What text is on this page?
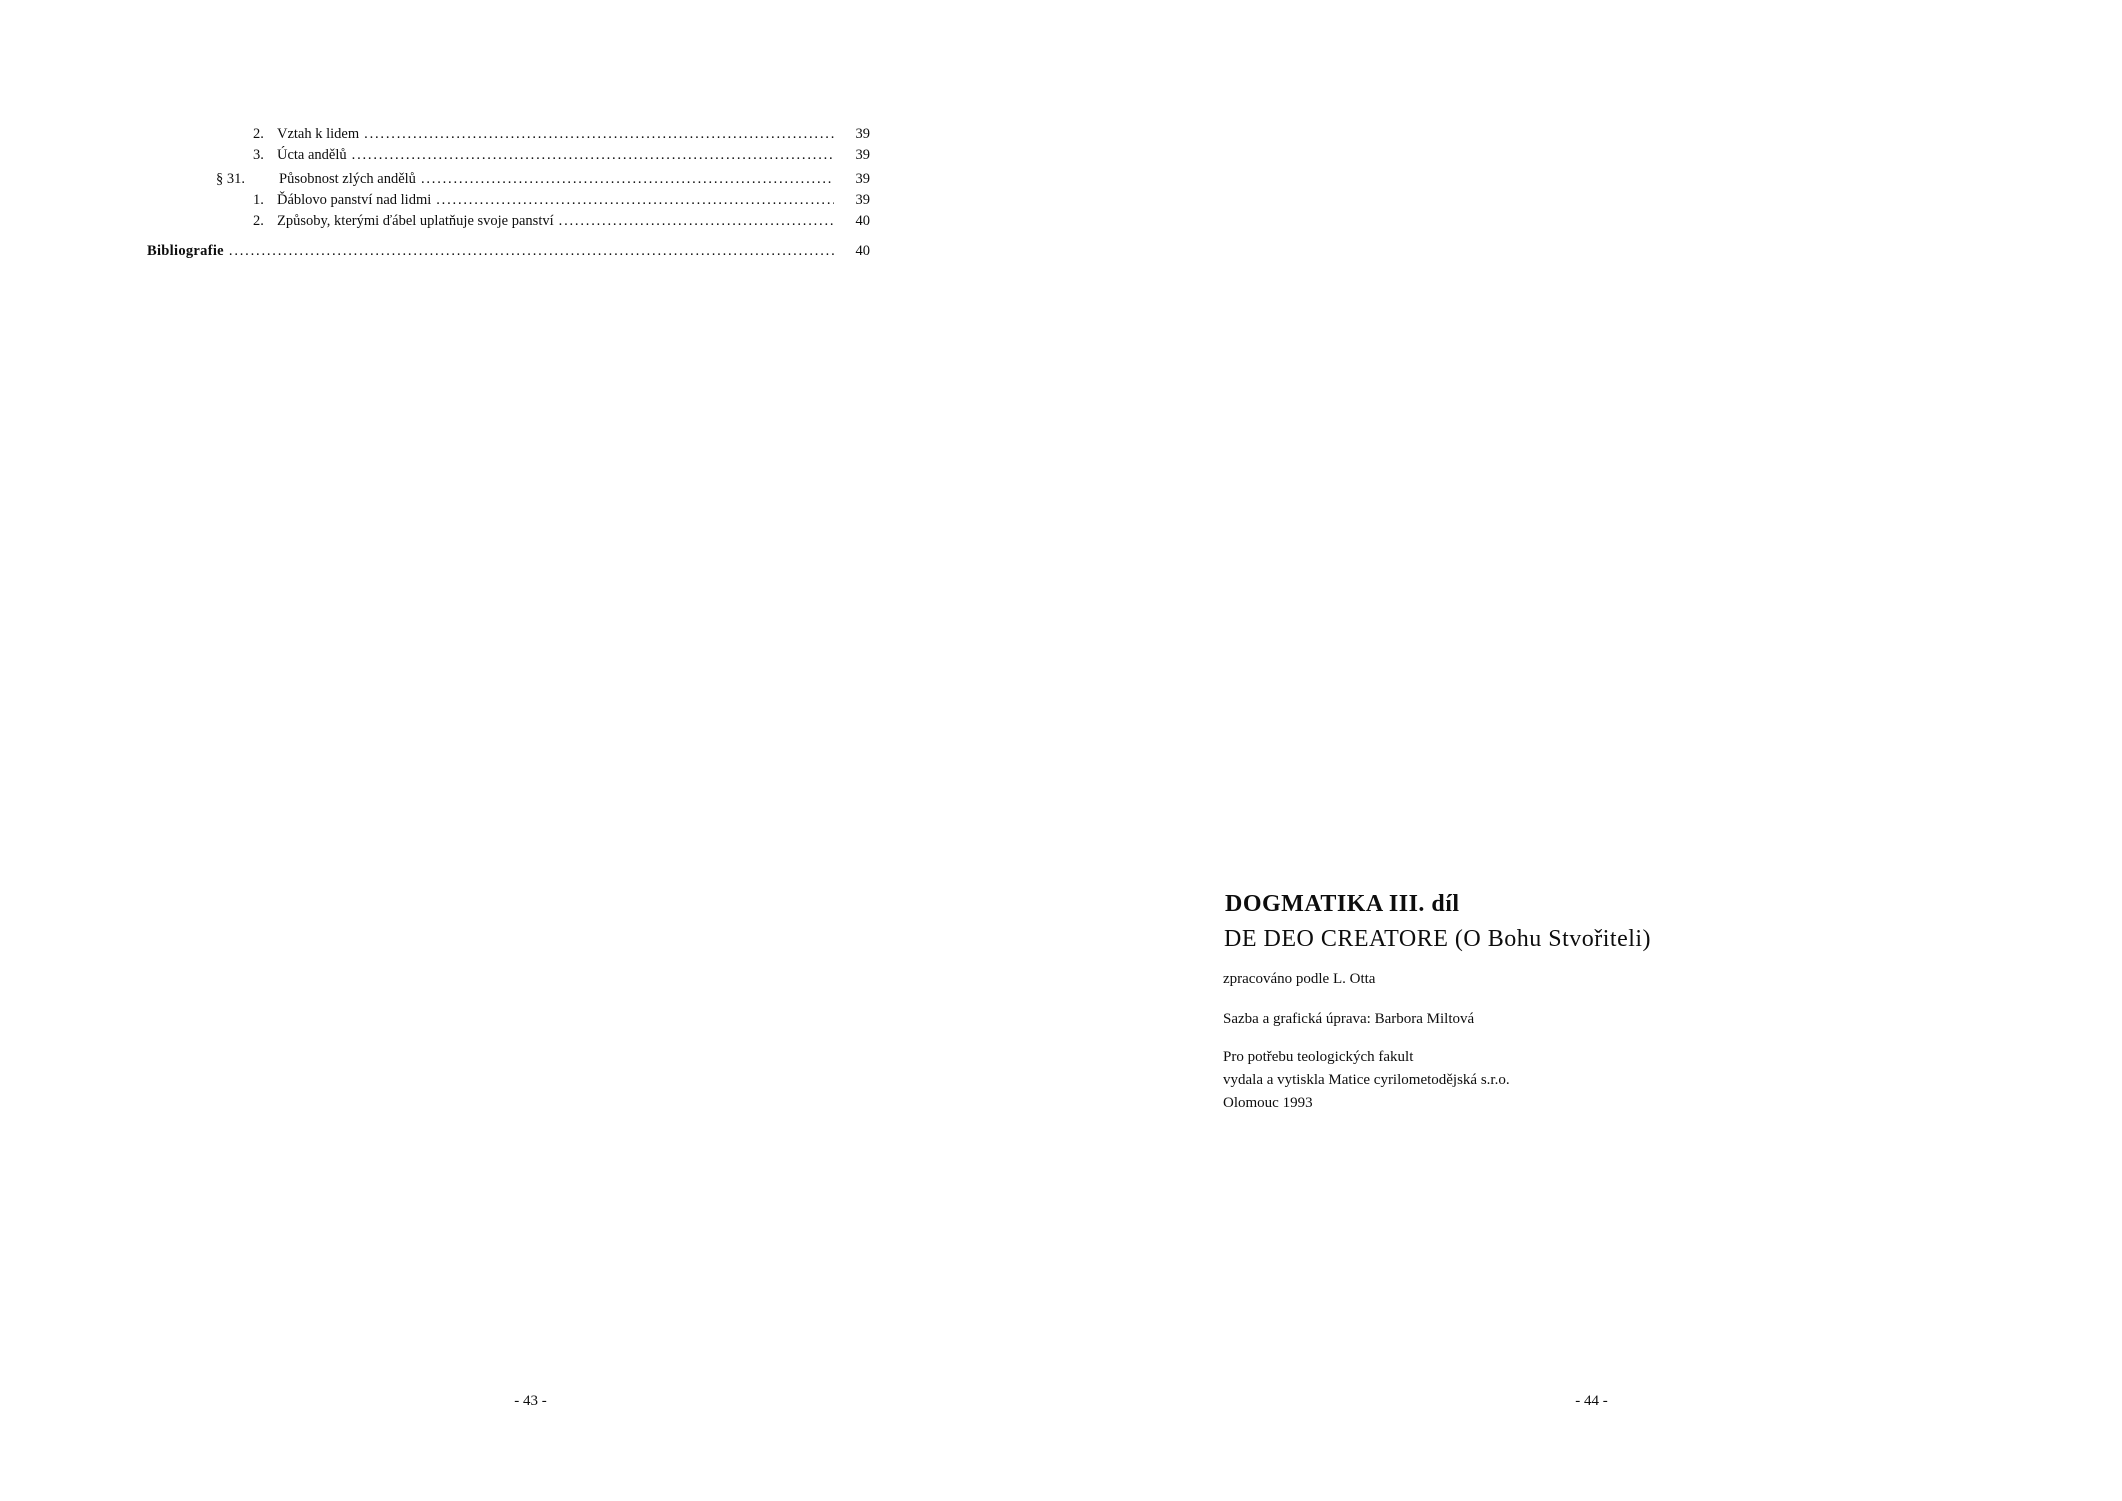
2. Vztah k lidem .....	39
3. Úcta andělů .....	39
§ 31.	Působnost zlých andělů .....	39
1. Ďáblovo panství nad lidmi .....	39
2. Způsoby, kterými ďábel uplatňuje svoje panství .....	40
Bibliografie .....	40
- 43 -
DOGMATIKA III. díl
DE DEO CREATORE (O Bohu Stvořiteli)
zpracováno podle L. Otta
Sazba a grafická úprava: Barbora Miltová
Pro potřebu teologických fakult
vydala a vytiskla Matice cyrilometodějská s.r.o.
Olomouc 1993
- 44 -
